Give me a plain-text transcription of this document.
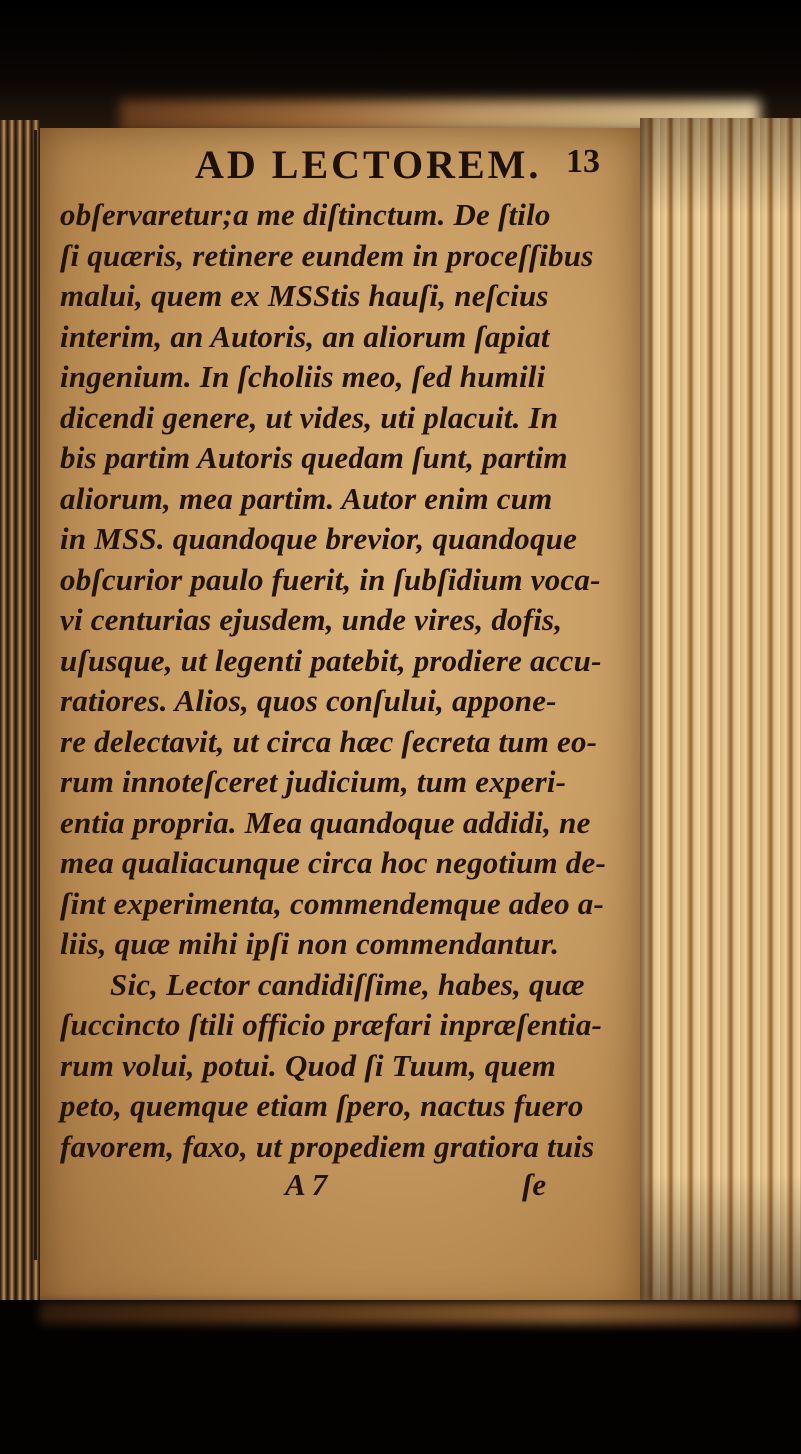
AD LECTOREM. 13
obſervaretur;a me diſtinctum. De ſtilo
ſi quæris, retinere eundem in proceſſibus
malui, quem ex MSStis hauſi, neſcius
interim, an Autoris, an aliorum ſapiat
ingenium. In ſcholiis meo, ſed humili
dicendi genere, ut vides, uti placuit. In
bis partim Autoris quedam ſunt, partim
aliorum, mea partim. Autor enim cum
in MSS. quandoque brevior, quandoque
obſcurior paulo fuerit, in ſubſidium voca-
vi centurias ejusdem, unde vires, dofis,
uſusque, ut legenti patebit, prodiere accu-
ratiores. Alios, quos conſului, appone-
re delectavit, ut circa hæc ſecreta tum eo-
rum innoteſceret judicium, tum experi-
entia propria. Mea quandoque addidi, ne
mea qualiacunque circa hoc negotium de-
ſint experimenta, commendemque adeo a-
liis, quæ mihi ipſi non commendantur.
Sic, Lector candidiſſime, habes, quæ
ſuccincto ſtili officio præfari inpræſentia-
rum volui, potui. Quod ſi Tuum, quem
peto, quemque etiam ſpero, nactus fuero
favorem, faxo, ut propediem gratiora tuis
A 7	ſe
